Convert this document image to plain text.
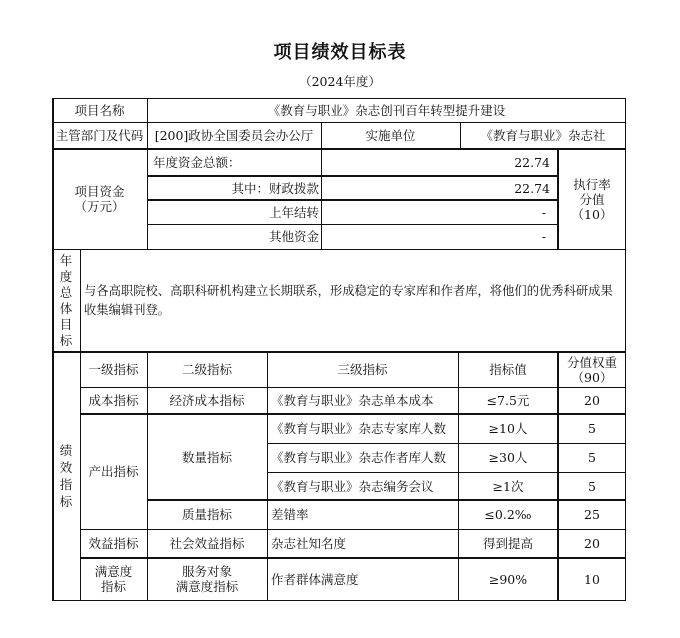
项目绩效目标表
（2024年度）
项目名称	《教育与职业》杂志创刊百年转型提升建设
主管部门及代码 [200]政协全国委员会办公厅	实施单位	《教育与职业》杂志社
项目资金
（万元）
年度资金总额：	22.74
其中：财政拨款	22.74
上年结转	-
其他资金	-
执行率
分值
（10）
年
度
总
体
目
标
与各高职院校、高职科研机构建立长期联系，形成稳定的专家库和作者库，将他们的优秀科研成果收集编辑刊登。
绩
效
指
标
一级指标	二级指标	三级指标	指标值	分值权重
（90）
成本指标	经济成本指标	《教育与职业》杂志单本成本	≤7.5元	20
产出指标
数量指标
《教育与职业》杂志专家库人数	≥10人	5
《教育与职业》杂志作者库人数	≥30人	5
《教育与职业》杂志编务会议	≥1次	5
质量指标	差错率	≤0.2‰	25
效益指标	社会效益指标	杂志社知名度	得到提高	20
满意度
指标
服务对象
满意度指标	作者群体满意度	≥90%	10
